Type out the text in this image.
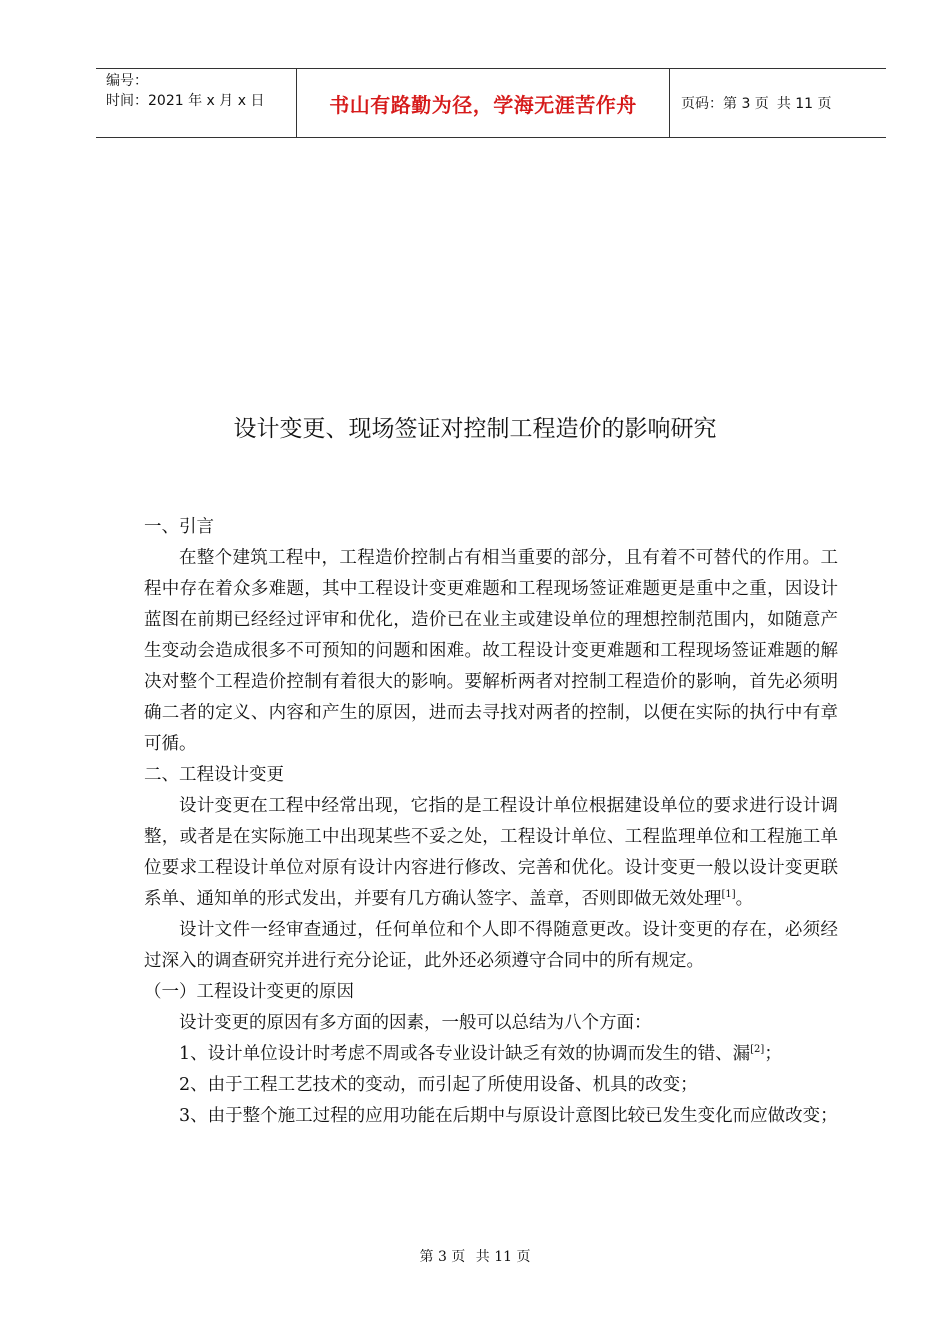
编号：
时间：2021 年 x 月 x 日	书山有路勤为径，学海无涯苦作舟	页码：第 3 页 共 11 页
设计变更、现场签证对控制工程造价的影响研究

一、引言

在整个建筑工程中，工程造价控制占有相当重要的部分，且有着不可替代的作用。工程中存在着众多难题，其中工程设计变更难题和工程现场签证难题更是重中之重，因设计蓝图在前期已经经过评审和优化，造价已在业主或建设单位的理想控制范围内，如随意产生变动会造成很多不可预知的问题和困难。故工程设计变更难题和工程现场签证难题的解决对整个工程造价控制有着很大的影响。要解析两者对控制工程造价的影响，首先必须明确二者的定义、内容和产生的原因，进而去寻找对两者的控制，以便在实际的执行中有章可循。

二、工程设计变更

设计变更在工程中经常出现，它指的是工程设计单位根据建设单位的要求进行设计调整，或者是在实际施工中出现某些不妥之处，工程设计单位、工程监理单位和工程施工单位要求工程设计单位对原有设计内容进行修改、完善和优化。设计变更一般以设计变更联系单、通知单的形式发出，并要有几方确认签字、盖章，否则即做无效处理[1]。

设计文件一经审查通过，任何单位和个人即不得随意更改。设计变更的存在，必须经过深入的调查研究并进行充分论证，此外还必须遵守合同中的所有规定。

（一）工程设计变更的原因

设计变更的原因有多方面的因素，一般可以总结为八个方面：

1、设计单位设计时考虑不周或各专业设计缺乏有效的协调而发生的错、漏[2]；

2、由于工程工艺技术的变动，而引起了所使用设备、机具的改变；

3、由于整个施工过程的应用功能在后期中与原设计意图比较已发生变化而应做改变；

第 3 页 共 11 页
